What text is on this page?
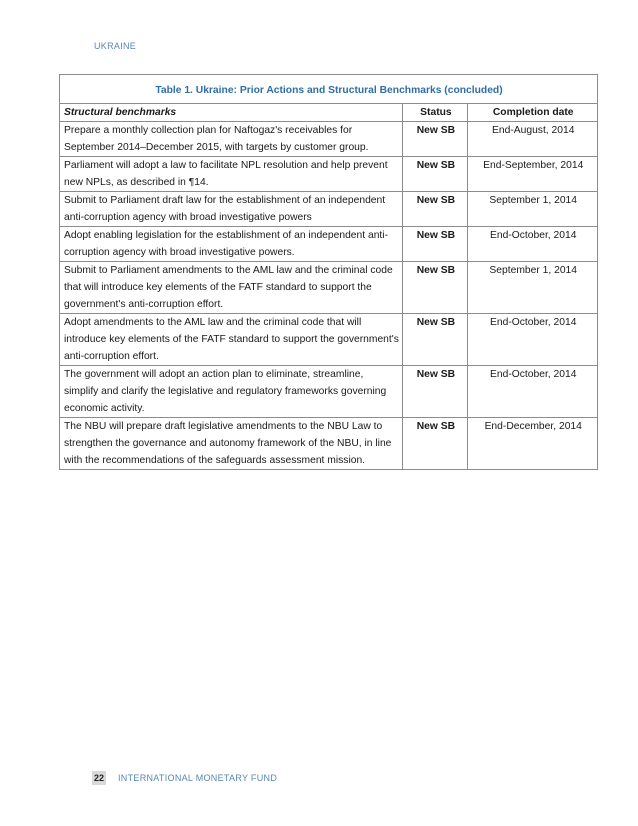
UKRAINE
Table 1. Ukraine: Prior Actions and Structural Benchmarks (concluded)		
Structural benchmarks	Status	Completion date
Prepare a monthly collection plan for Naftogaz's receivables for September 2014–December 2015, with targets by customer group.	New SB	End-August, 2014
Parliament will adopt a law to facilitate NPL resolution and help prevent new NPLs, as described in ¶14.	New SB	End-September, 2014
Submit to Parliament draft law for the establishment of an independent anti-corruption agency with broad investigative powers	New SB	September 1, 2014
Adopt enabling legislation for the establishment of an independent anti-corruption agency with broad investigative powers.	New SB	End-October, 2014
Submit to Parliament amendments to the AML law and the criminal code that will introduce key elements of the FATF standard to support the government's anti-corruption effort.	New SB	September 1, 2014
Adopt amendments to the AML law and the criminal code that will introduce key elements of the FATF standard to support the government's anti-corruption effort.	New SB	End-October, 2014
The government will adopt an action plan to eliminate, streamline, simplify and clarify the legislative and regulatory frameworks governing economic activity.	New SB	End-October, 2014
The NBU will prepare draft legislative amendments to the NBU Law to strengthen the governance and autonomy framework of the NBU, in line with the recommendations of the safeguards assessment mission.	New SB	End-December, 2014
22 INTERNATIONAL MONETARY FUND
